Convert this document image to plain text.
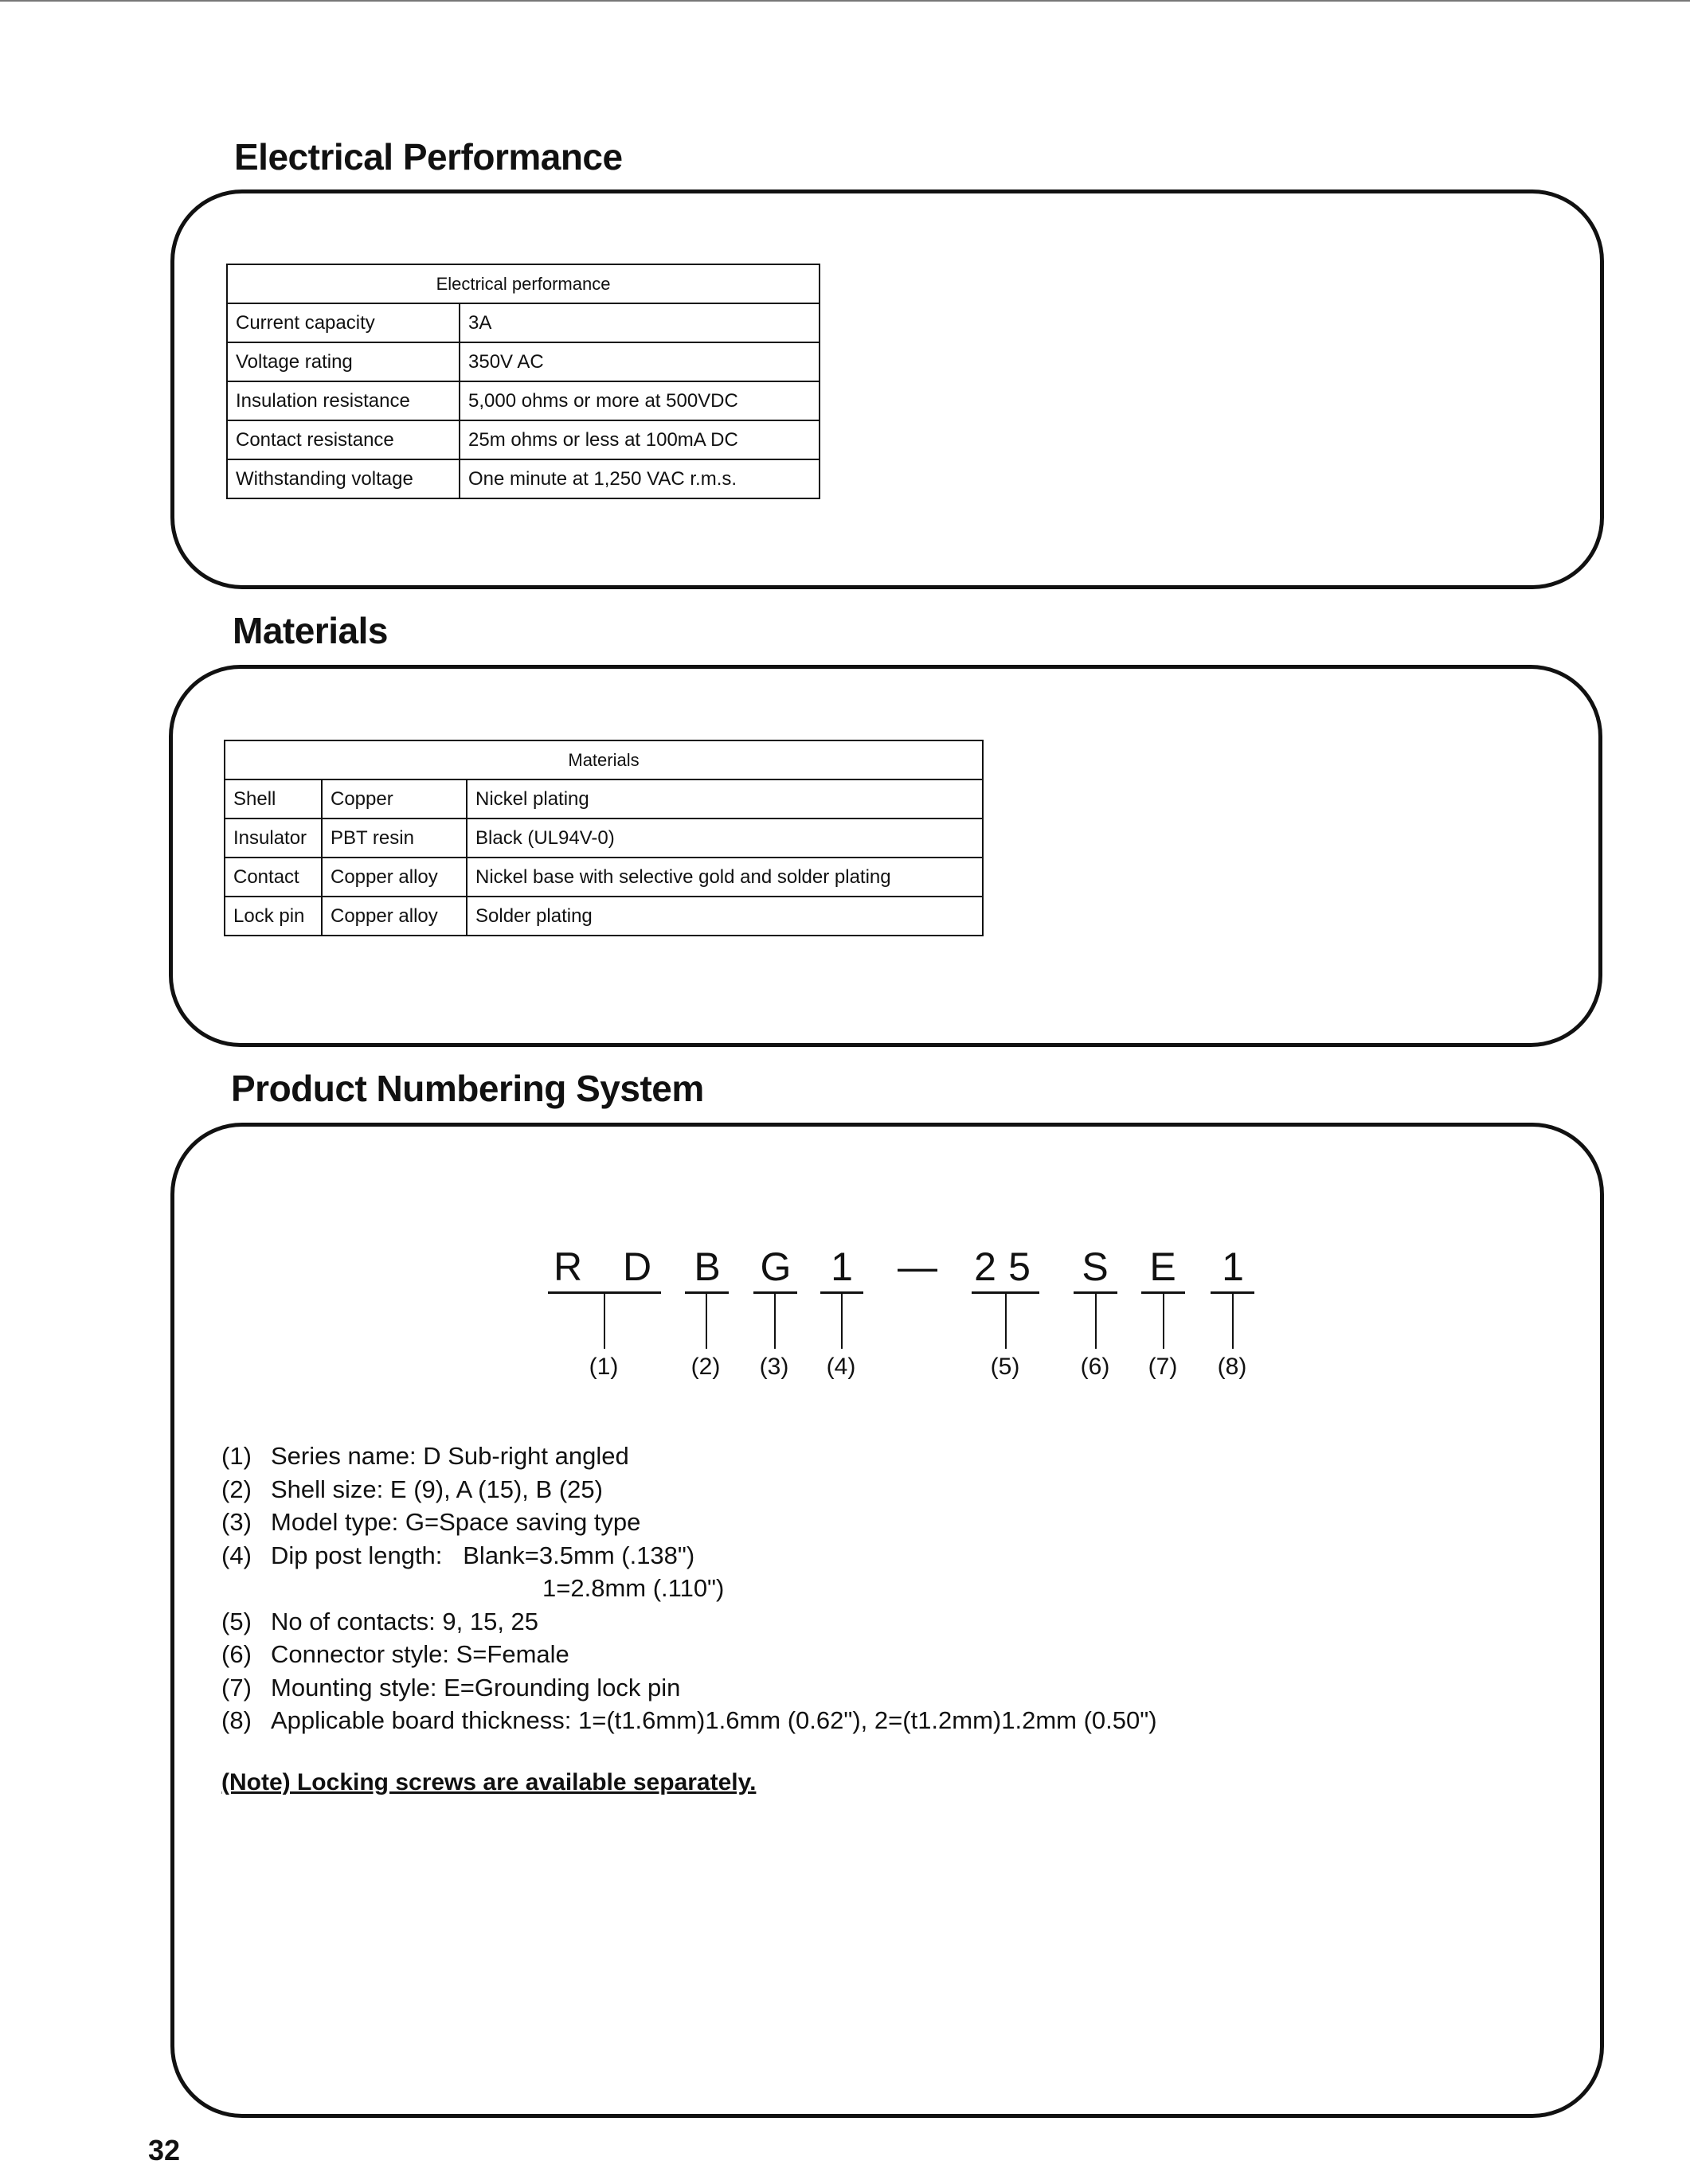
Electrical Performance
Electrical performance	
Current capacity	3A
Voltage rating	350V AC
Insulation resistance	5,000 ohms or more at 500VDC
Contact resistance	25m ohms or less at 100mA DC
Withstanding voltage	One minute at 1,250 VAC r.m.s.
Materials
Materials		
Shell	Copper	Nickel plating
Insulator	PBT resin	Black (UL94V-0)
Contact	Copper alloy	Nickel base with selective gold and solder plating
Lock pin	Copper alloy	Solder plating
Product Numbering System
R D B G 1	— 2 5 S E	1
(1)	(2)	(3)	(4)	(5)	(6)	(7)	(8)
(1) Series name: D Sub-right angled
(2) Shell size: E (9), A (15), B (25)
(3) Model type: G=Space saving type
(4) Dip post length:   Blank=3.5mm (.138")
1=2.8mm (.110")
(5) No of contacts: 9, 15, 25
(6) Connector style: S=Female
(7) Mounting style: E=Grounding lock pin
(8) Applicable board thickness: 1=(t1.6mm)1.6mm (0.62"), 2=(t1.2mm)1.2mm (0.50")
(Note) Locking screws are available separately.
32
